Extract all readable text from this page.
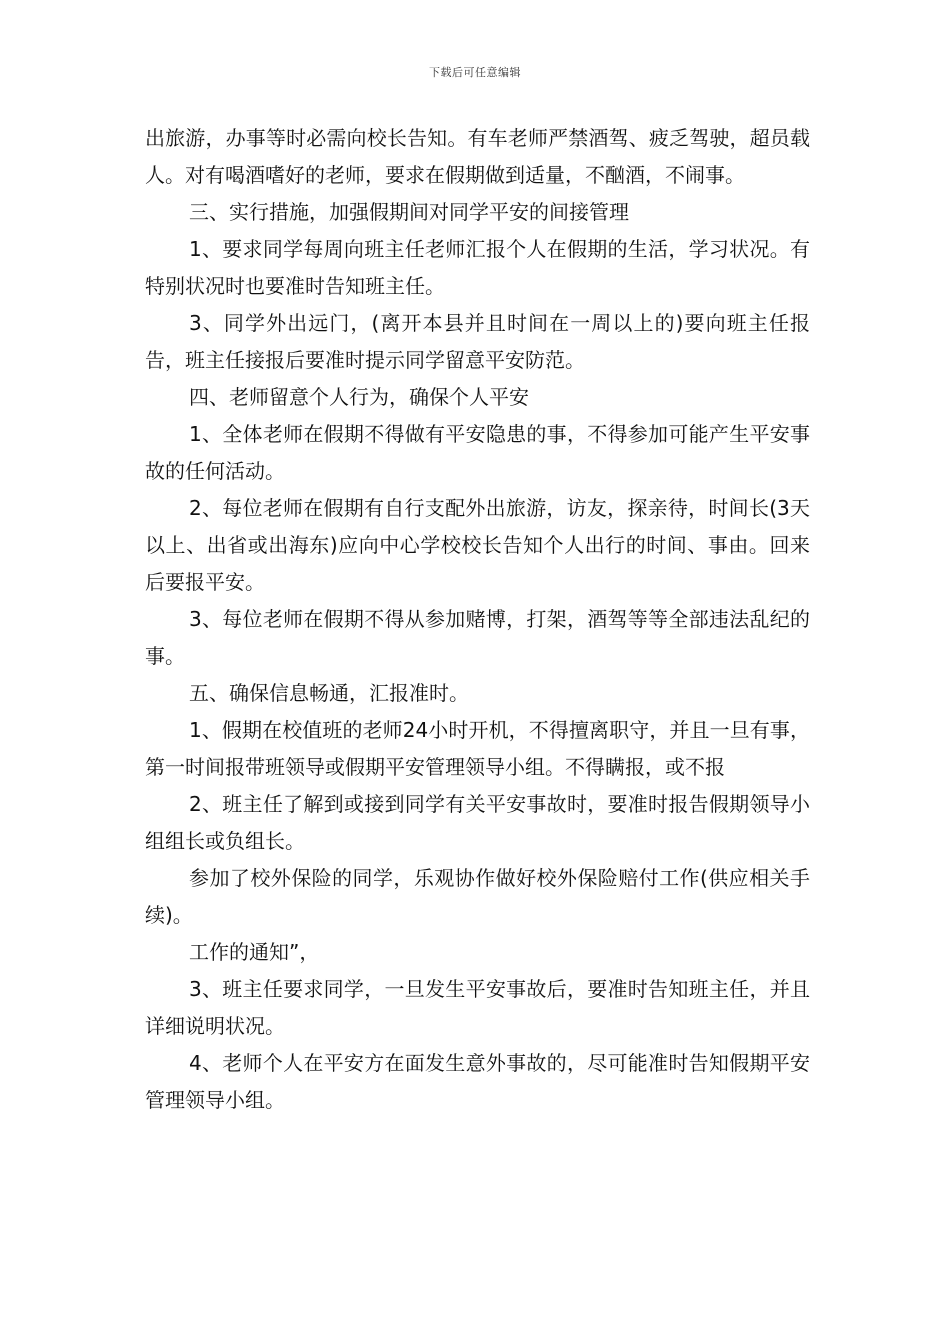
下载后可任意编辑

出旅游，办事等时必需向校长告知。有车老师严禁酒驾、疲乏驾驶，超员载人。对有喝酒嗜好的老师，要求在假期做到适量，不酗酒，不闹事。

三、实行措施，加强假期间对同学平安的间接管理

1、要求同学每周向班主任老师汇报个人在假期的生活，学习状况。有特别状况时也要准时告知班主任。

3、同学外出远门，(离开本县并且时间在一周以上的)要向班主任报告，班主任接报后要准时提示同学留意平安防范。

四、老师留意个人行为，确保个人平安

1、全体老师在假期不得做有平安隐患的事，不得参加可能产生平安事故的任何活动。

2、每位老师在假期有自行支配外出旅游，访友，探亲待，时间长(3天以上、出省或出海东)应向中心学校校长告知个人出行的时间、事由。回来后要报平安。

3、每位老师在假期不得从参加赌博，打架，酒驾等等全部违法乱纪的事。

五、确保信息畅通，汇报准时。

1、假期在校值班的老师24小时开机，不得擅离职守，并且一旦有事，第一时间报带班领导或假期平安管理领导小组。不得瞒报，或不报

2、班主任了解到或接到同学有关平安事故时，要准时报告假期领导小组组长或负组长。

参加了校外保险的同学，乐观协作做好校外保险赔付工作(供应相关手续)。

工作的通知”，

3、班主任要求同学，一旦发生平安事故后，要准时告知班主任，并且详细说明状况。

4、老师个人在平安方在面发生意外事故的，尽可能准时告知假期平安管理领导小组。
